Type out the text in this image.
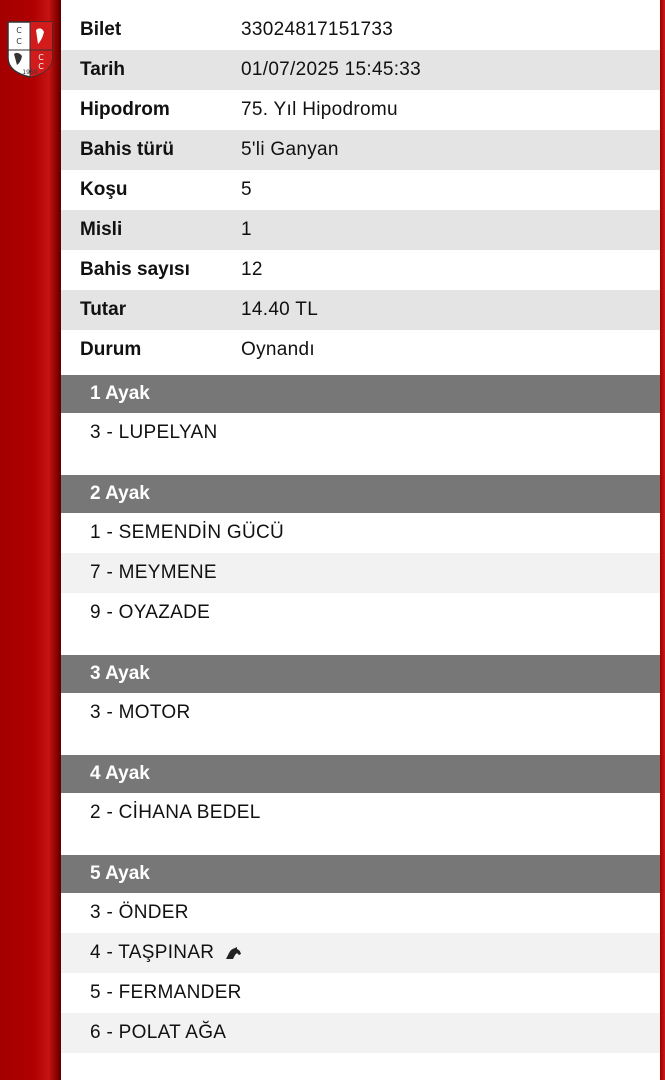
C
C
C
C
1950
Bilet	33024817151733
Tarih	01/07/2025 15:45:33
Hipodrom	75. Yıl Hipodromu
Bahis türü	5'li Ganyan
Koşu	5
Misli	1
Bahis sayısı	12
Tutar	14.40 TL
Durum	Oynandı
1 Ayak
3 - LUPELYAN
2 Ayak
1 - SEMENDİN GÜCÜ
7 - MEYMENE
9 - OYAZADE
3 Ayak
3 - MOTOR
4 Ayak
2 - CİHANA BEDEL
5 Ayak
3 - ÖNDER
4 - TAŞPINAR
5 - FERMANDER
6 - POLAT AĞA
